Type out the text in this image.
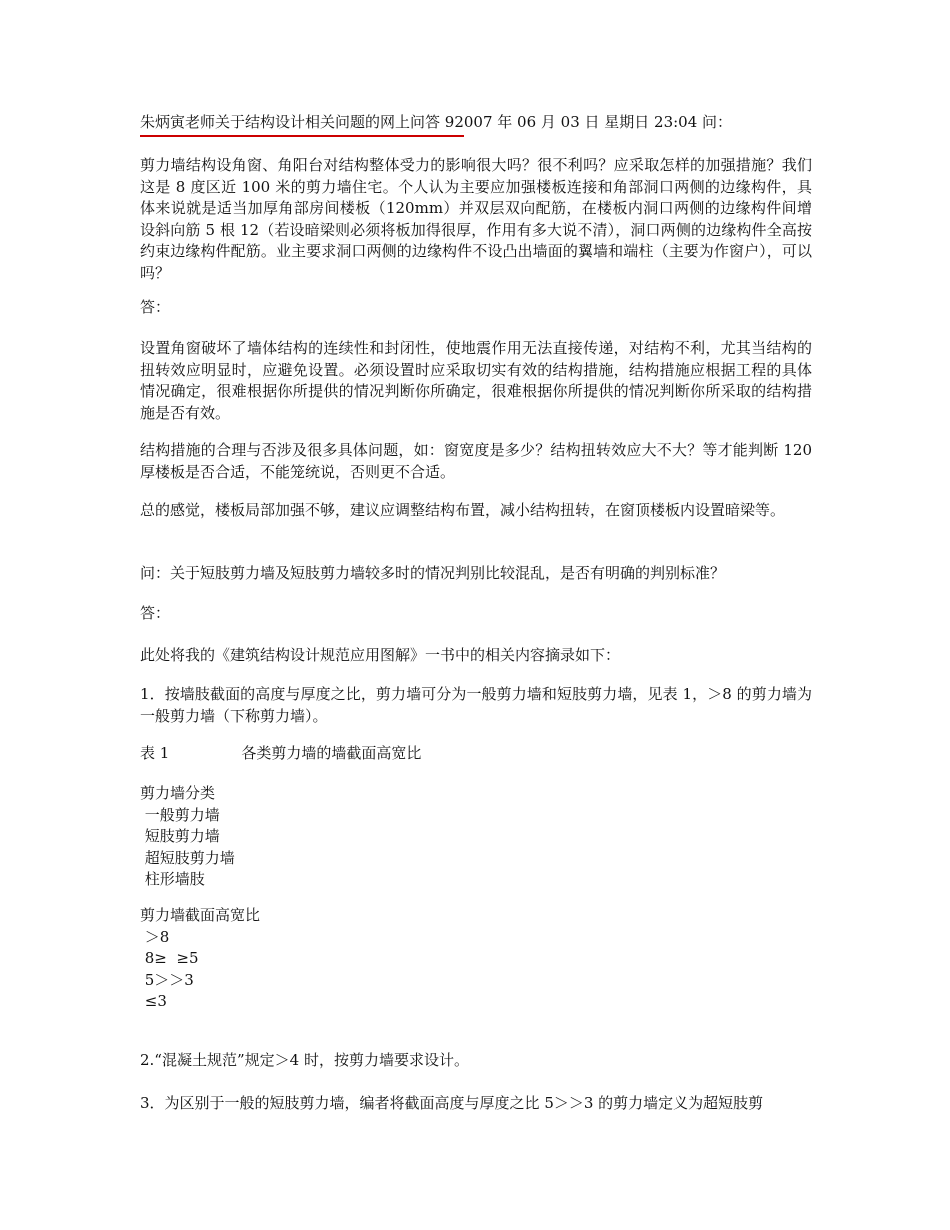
朱炳寅老师关于结构设计相关问题的网上问答 92007 年 06 月 03 日 星期日 23:04 问：
剪力墙结构设角窗、角阳台对结构整体受力的影响很大吗？很不利吗？应采取怎样的加强措施？我们这是 8 度区近 100 米的剪力墙住宅。个人认为主要应加强楼板连接和角部洞口两侧的边缘构件，具体来说就是适当加厚角部房间楼板（120mm）并双层双向配筋，在楼板内洞口两侧的边缘构件间增设斜向筋 5 根 12（若设暗梁则必须将板加得很厚，作用有多大说不清），洞口两侧的边缘构件全高按约束边缘构件配筋。业主要求洞口两侧的边缘构件不设凸出墙面的翼墙和端柱（主要为作窗户），可以吗？
答：
设置角窗破坏了墙体结构的连续性和封闭性，使地震作用无法直接传递，对结构不利，尤其当结构的扭转效应明显时，应避免设置。必须设置时应采取切实有效的结构措施，结构措施应根据工程的具体情况确定，很难根据你所提供的情况判断你所确定，很难根据你所提供的情况判断你所采取的结构措施是否有效。
结构措施的合理与否涉及很多具体问题，如：窗宽度是多少？结构扭转效应大不大？等才能判断 120 厚楼板是否合适，不能笼统说，否则更不合适。
总的感觉，楼板局部加强不够，建议应调整结构布置，减小结构扭转，在窗顶楼板内设置暗梁等。
问：关于短肢剪力墙及短肢剪力墙较多时的情况判别比较混乱，是否有明确的判别标准？
答：
此处将我的《建筑结构设计规范应用图解》一书中的相关内容摘录如下：
1．按墙肢截面的高度与厚度之比，剪力墙可分为一般剪力墙和短肢剪力墙，见表 1，＞8 的剪力墙为一般剪力墙（下称剪力墙）。
表 1	各类剪力墙的墙截面高宽比
剪力墙分类
一般剪力墙
短肢剪力墙
超短肢剪力墙
柱形墙肢
剪力墙截面高宽比
＞8
8≥  ≥5
5＞＞3
≤3
2.“混凝土规范”规定＞4 时，按剪力墙要求设计。
3．为区别于一般的短肢剪力墙，编者将截面高度与厚度之比 5＞＞3 的剪力墙定义为超短肢剪
